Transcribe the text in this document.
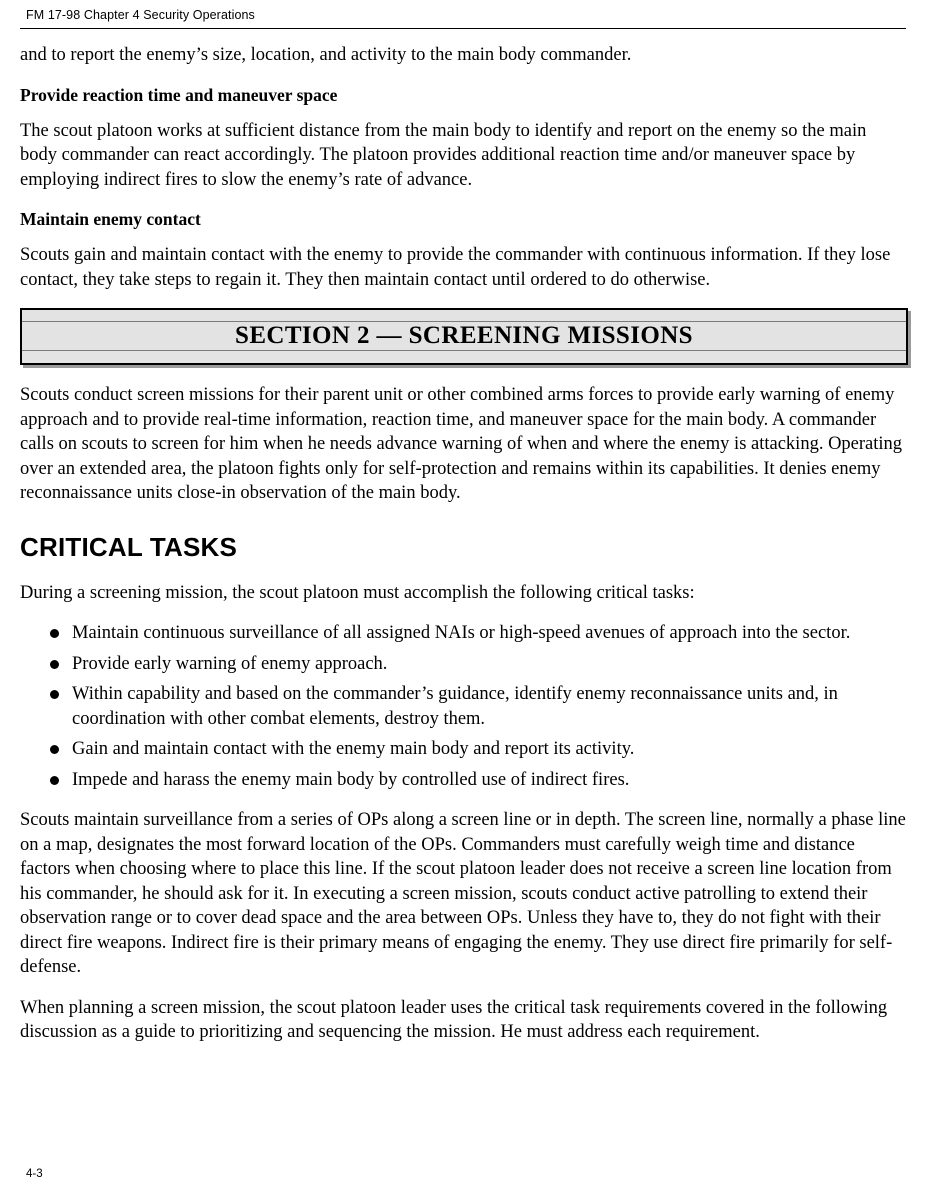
FM 17-98 Chapter 4 Security Operations

and to report the enemy’s size, location, and activity to the main body commander.

Provide reaction time and maneuver space

The scout platoon works at sufficient distance from the main body to identify and report on the enemy so the main body commander can react accordingly. The platoon provides additional reaction time and/or maneuver space by employing indirect fires to slow the enemy’s rate of advance.

Maintain enemy contact

Scouts gain and maintain contact with the enemy to provide the commander with continuous information. If they lose contact, they take steps to regain it. They then maintain contact until ordered to do otherwise.

SECTION 2 — SCREENING MISSIONS

Scouts conduct screen missions for their parent unit or other combined arms forces to provide early warning of enemy approach and to provide real-time information, reaction time, and maneuver space for the main body. A commander calls on scouts to screen for him when he needs advance warning of when and where the enemy is attacking. Operating over an extended area, the platoon fights only for self-protection and remains within its capabilities. It denies enemy reconnaissance units close-in observation of the main body.

CRITICAL TASKS

During a screening mission, the scout platoon must accomplish the following critical tasks:

Maintain continuous surveillance of all assigned NAIs or high-speed avenues of approach into the sector.
Provide early warning of enemy approach.
Within capability and based on the commander’s guidance, identify enemy reconnaissance units and, in coordination with other combat elements, destroy them.
Gain and maintain contact with the enemy main body and report its activity.
Impede and harass the enemy main body by controlled use of indirect fires.

Scouts maintain surveillance from a series of OPs along a screen line or in depth. The screen line, normally a phase line on a map, designates the most forward location of the OPs. Commanders must carefully weigh time and distance factors when choosing where to place this line. If the scout platoon leader does not receive a screen line location from his commander, he should ask for it. In executing a screen mission, scouts conduct active patrolling to extend their observation range or to cover dead space and the area between OPs. Unless they have to, they do not fight with their direct fire weapons. Indirect fire is their primary means of engaging the enemy. They use direct fire primarily for self-defense.

When planning a screen mission, the scout platoon leader uses the critical task requirements covered in the following discussion as a guide to prioritizing and sequencing the mission. He must address each requirement.

4-3
